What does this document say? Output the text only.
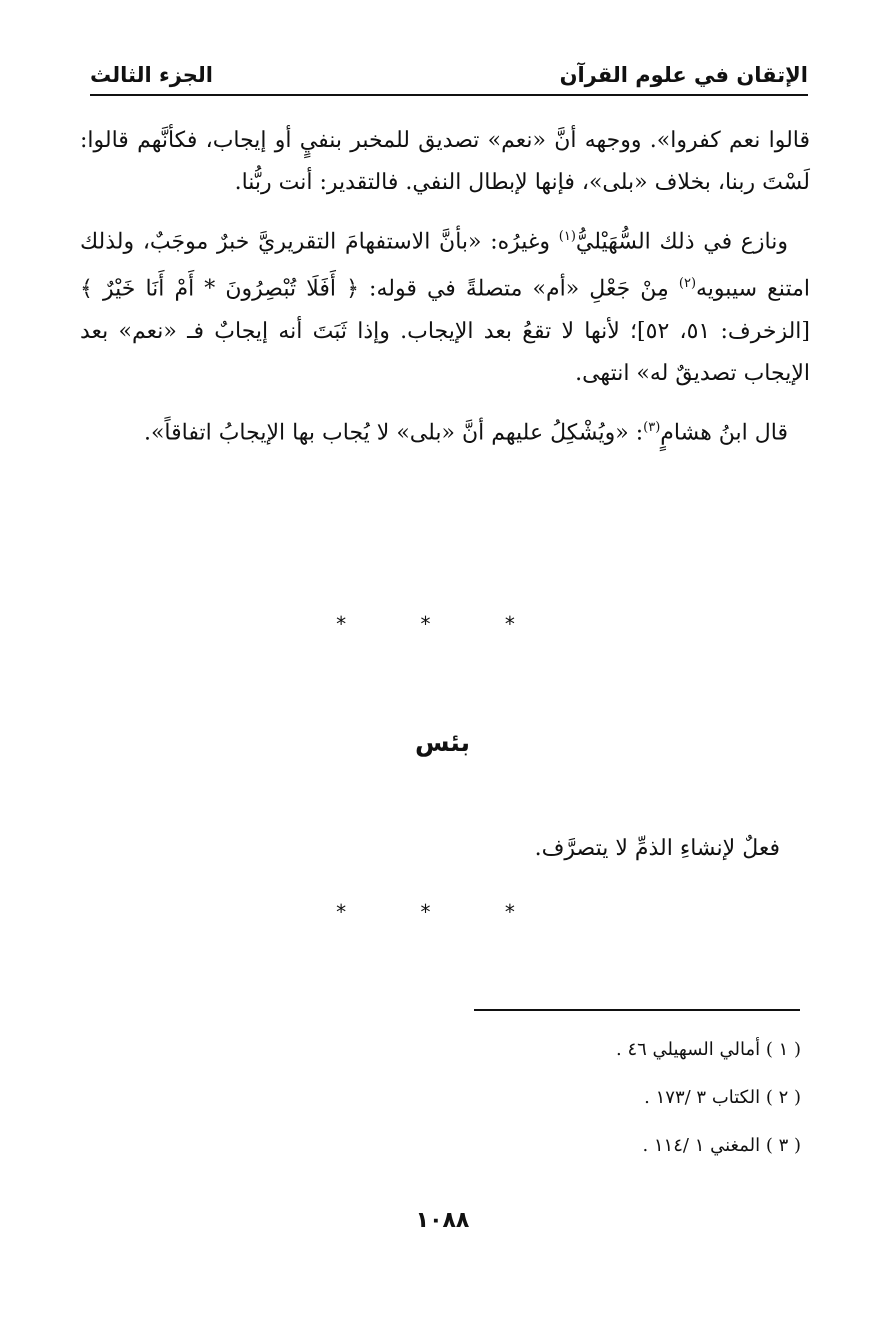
الإتقان في علوم القرآن
الجزء الثالث

قالوا نعم كفروا». ووجهه أنَّ «نعم» تصديق للمخبر بنفيٍ أو إيجاب، فكأنَّهم قالوا: لَسْتَ ربنا، بخلاف «بلى»، فإنها لإبطال النفي. فالتقدير: أنت ربُّنا.

ونازع في ذلك السُّهَيْليُّ$^{(١)}$ وغيرُه: «بأنَّ الاستفهامَ التقريريَّ خبرٌ موجَبٌ، ولذلك امتنع سيبويه$^{(٢)}$ مِنْ جَعْلِ «أم» متصلةً في قوله: ﴿ أَفَلَا تُبْصِرُونَ * أَمْ أَنَا خَيْرٌ ﴾ [الزخرف: ٥١، ٥٢]؛ لأنها لا تقعُ بعد الإيجاب. وإذا ثَبَتَ أنه إيجابٌ فـ «نعم» بعد الإيجاب تصديقٌ له» انتهى.

قال ابنُ هشامٍ$^{(٣)}$: «ويُشْكِلُ عليهم أنَّ «بلى» لا يُجاب بها الإيجابُ اتفاقاً».

* * *
بئس
فعلٌ لإنشاءِ الذمِّ لا يتصرَّف.
* * *
( ١ ) أمالي السهيلي ٤٦ .
( ٢ ) الكتاب ٣ /١٧٣ .
( ٣ ) المغني ١ /١١٤ .
١٠٨٨
